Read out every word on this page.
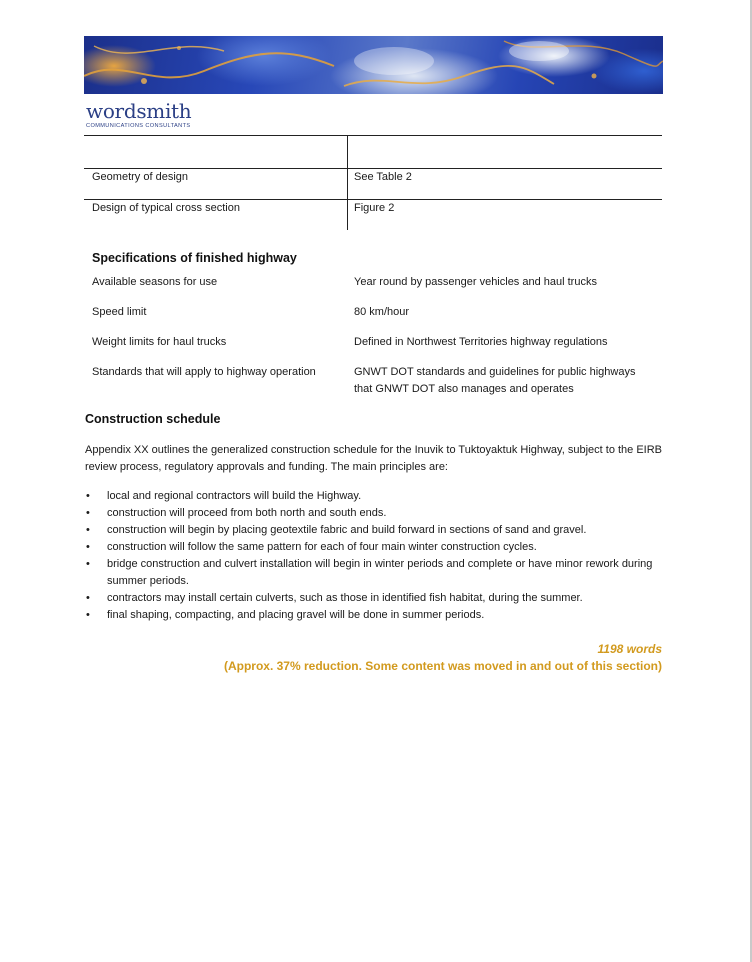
wordsmith
COMMUNICATIONS CONSULTANTS
Geometry of design	See Table 2
Design of typical cross section	Figure 2
Specifications of finished highway
Available seasons for use	Year round by passenger vehicles and haul trucks
Speed limit	80 km/hour
Weight limits for haul trucks	Defined in Northwest Territories highway regulations
Standards that will apply to highway operation	GNWT DOT standards and guidelines for public highways that GNWT DOT also manages and operates
Construction schedule
Appendix XX outlines the generalized construction schedule for the Inuvik to Tuktoyaktuk Highway, subject to the EIRB review process, regulatory approvals and funding. The main principles are:
• local and regional contractors will build the Highway.
• construction will proceed from both north and south ends.
• construction will begin by placing geotextile fabric and build forward in sections of sand and gravel.
• construction will follow the same pattern for each of four main winter construction cycles.
• bridge construction and culvert installation will begin in winter periods and complete or have minor rework during summer periods.
• contractors may install certain culverts, such as those in identified fish habitat, during the summer.
• final shaping, compacting, and placing gravel will be done in summer periods.
1198 words
(Approx. 37% reduction. Some content was moved in and out of this section)
